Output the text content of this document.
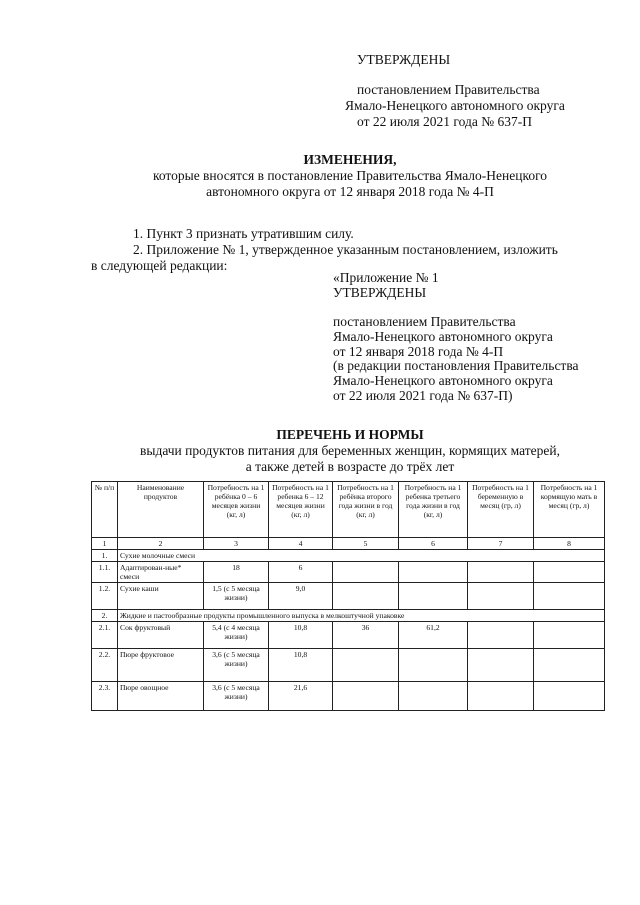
УТВЕРЖДЕНЫ
постановлением Правительства
Ямало-Ненецкого автономного округа
от 22 июля 2021 года № 637-П
ИЗМЕНЕНИЯ,
которые вносятся в постановление Правительства Ямало-Ненецкого
автономного округа от 12 января 2018 года № 4-П
1. Пункт 3 признать утратившим силу.
2. Приложение № 1, утвержденное указанным постановлением, изложить
в следующей редакции:
«Приложение № 1
УТВЕРЖДЕНЫ
постановлением Правительства
Ямало-Ненецкого автономного округа
от 12 января 2018 года № 4-П
(в редакции постановления Правительства
Ямало-Ненецкого автономного округа
от 22 июля 2021 года № 637-П)
ПЕРЕЧЕНЬ И НОРМЫ
выдачи продуктов питания для беременных женщин, кормящих матерей,
а также детей в возрасте до трёх лет
№ п/п	Наименование продуктов	Потребность на 1 ребёнка 0 – 6 месяцев жизни (кг, л)	Потребность на 1 ребенка 6 – 12 месяцев жизни (кг, л)	Потребность на 1 ребёнка второго года жизни в год (кг, л)	Потребность на 1 ребенка третьего года жизни в год (кг, л)	Потребность на 1 беременную в месяц (гр, л)	Потребность на 1 кормящую мать в месяц (гр, л)
1	2	3	4	5	6	7	8
1.	Сухие молочные смеси						
1.1.	Адаптирован-ные* смеси	18	6				
1.2.	Сухие каши	1,5 (с 5 месяца жизни)	9,0				
2.	Жидкие и пастообразные продукты промышленного выпуска в мелкоштучной упаковке						
2.1.	Сок фруктовый	5,4 (с 4 месяца жизни)	10,8	36	61,2		
2.2.	Пюре фруктовое	3,6 (с 5 месяца жизни)	10,8				
2.3.	Пюре овощное	3,6 (с 5 месяца жизни)	21,6				
